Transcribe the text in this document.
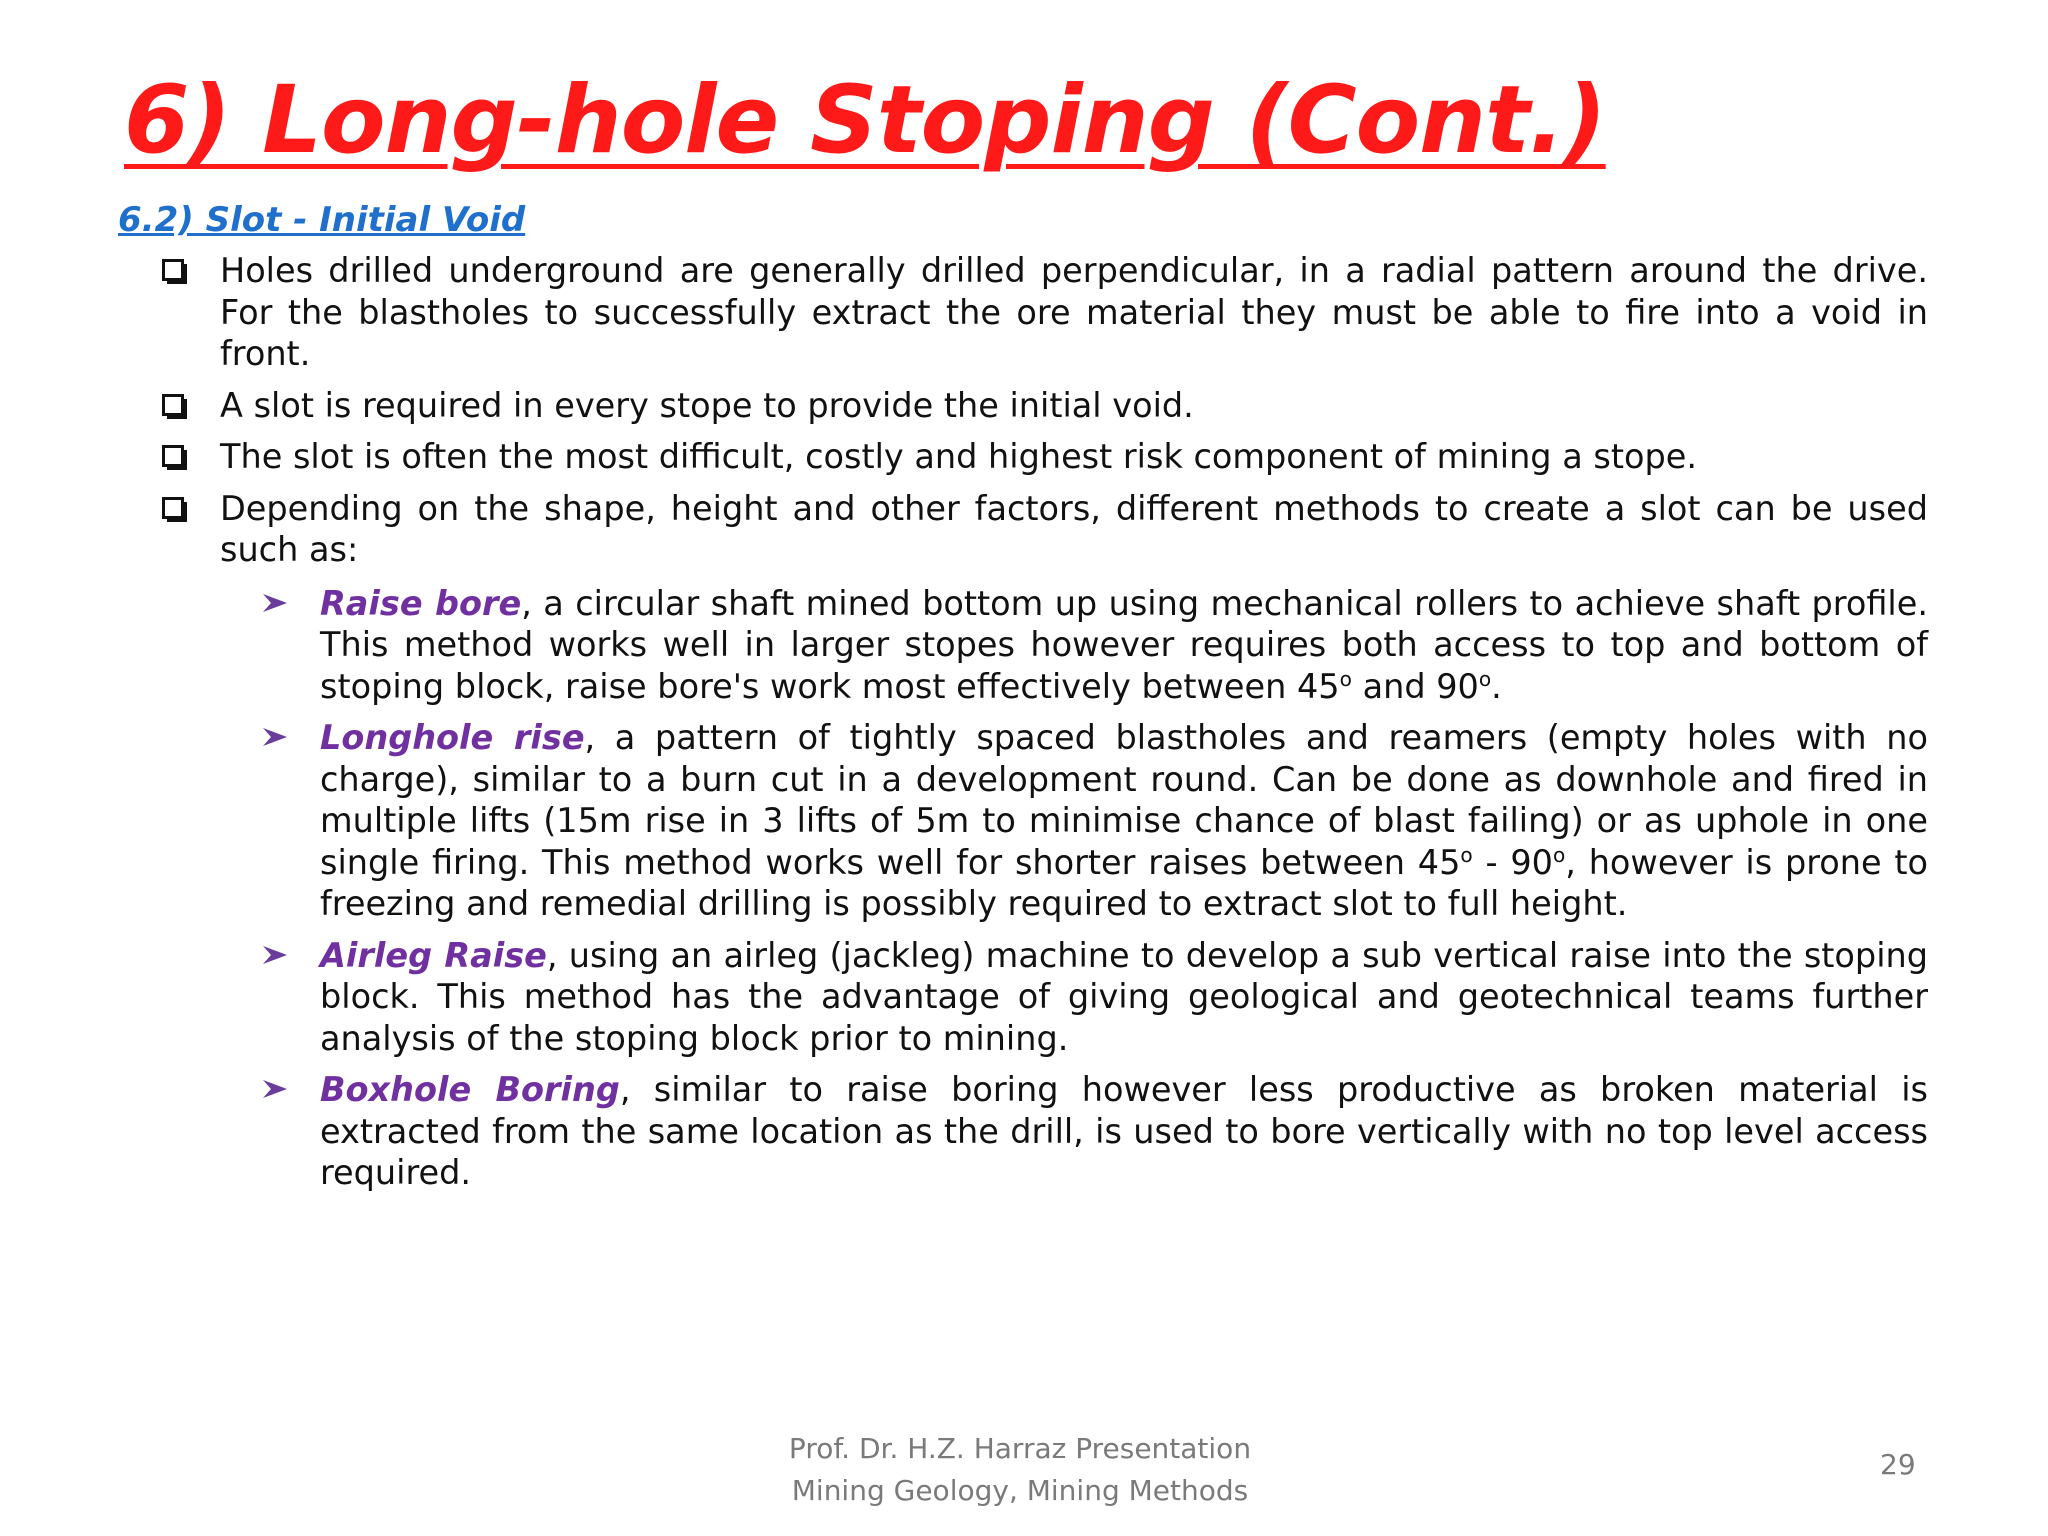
6) Long-hole Stoping (Cont.)
6.2) Slot - Initial Void
Holes drilled underground are generally drilled perpendicular, in a radial pattern around the drive. For the blastholes to successfully extract the ore material they must be able to fire into a void in front.
A slot is required in every stope to provide the initial void.
The slot is often the most difficult, costly and highest risk component of mining a stope.
Depending on the shape, height and other factors, different methods to create a slot can be used such as:
Raise bore, a circular shaft mined bottom up using mechanical rollers to achieve shaft profile. This method works well in larger stopes however requires both access to top and bottom of stoping block, raise bore's work most effectively between 45$^o$ and 90$^o$.
Longhole rise, a pattern of tightly spaced blastholes and reamers (empty holes with no charge), similar to a burn cut in a development round. Can be done as downhole and fired in multiple lifts (15m rise in 3 lifts of 5m to minimise chance of blast failing) or as uphole in one single firing. This method works well for shorter raises between 45$^o$ - 90$^o$, however is prone to freezing and remedial drilling is possibly required to extract slot to full height.
Airleg Raise, using an airleg (jackleg) machine to develop a sub vertical raise into the stoping block. This method has the advantage of giving geological and geotechnical teams further analysis of the stoping block prior to mining.
Boxhole Boring, similar to raise boring however less productive as broken material is extracted from the same location as the drill, is used to bore vertically with no top level access required.
Prof. Dr. H.Z. Harraz Presentation
Mining Geology, Mining Methods
29
